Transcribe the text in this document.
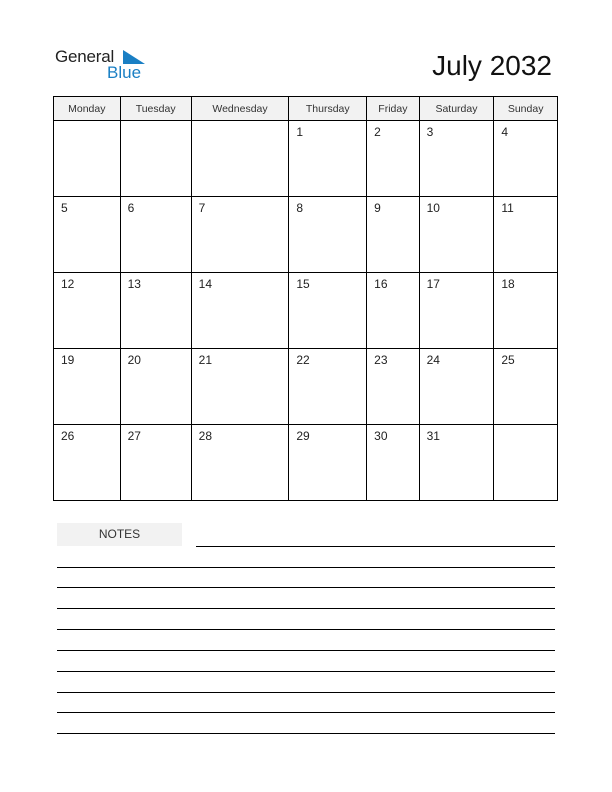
General
Blue	July 2032
Monday	Tuesday	Wednesday	Thursday	Friday	Saturday	Sunday

			1	2	3	4

5	6	7	8	9	10	11

12	13	14	15	16	17	18

19	20	21	22	23	24	25

26	27	28	29	30	31	

NOTES
